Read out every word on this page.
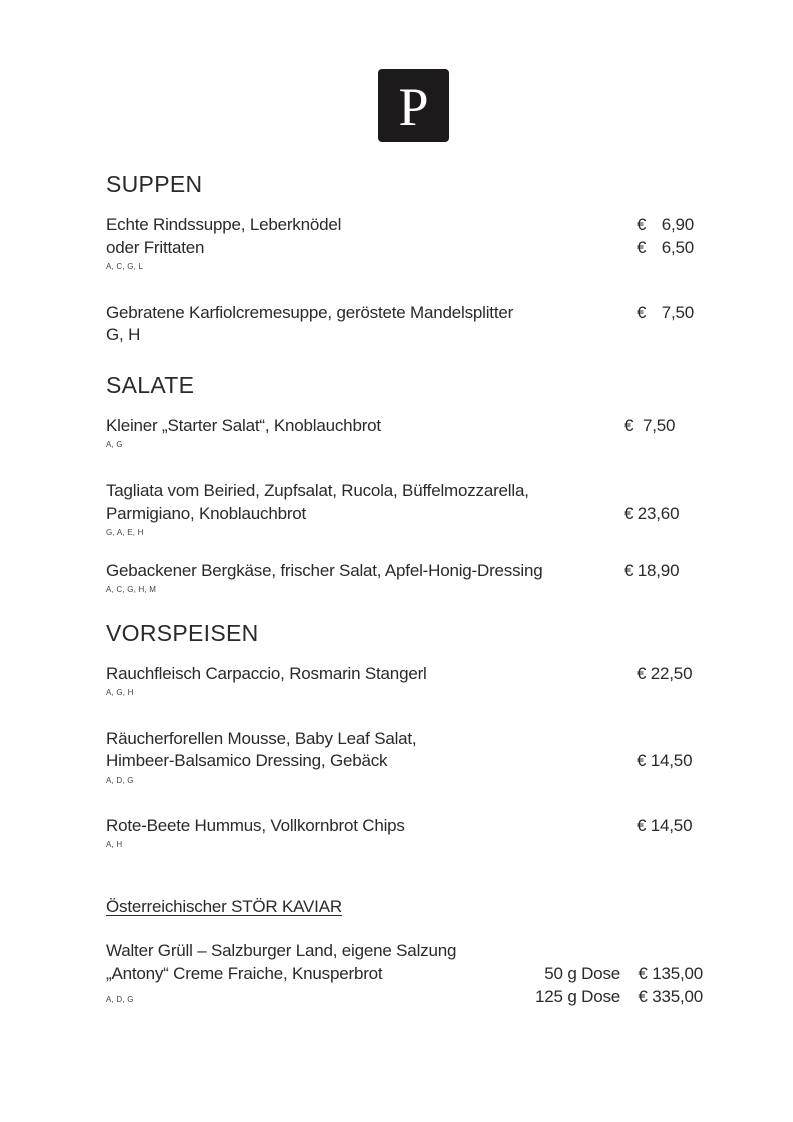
P
SUPPEN
Echte Rindssuppe, Leberknödel
oder Frittaten
A, C, G, L
€ 6,90
€ 6,50
Gebratene Karfiolcremesuppe, geröstete Mandelsplitter
G, H
€ 7,50
SALATE
Kleiner „Starter Salat“, Knoblauchbrot
A, G
€ 7,50
Tagliata vom Beiried, Zupfsalat, Rucola, Büffelmozzarella,
Parmigiano, Knoblauchbrot
G, A, E, H
€ 23,60
Gebackener Bergkäse, frischer Salat, Apfel-Honig-Dressing
A, C, G, H, M
€ 18,90
VORSPEISEN
Rauchfleisch Carpaccio, Rosmarin Stangerl
A, G, H
€ 22,50
Räucherforellen Mousse, Baby Leaf Salat,
Himbeer-Balsamico Dressing, Gebäck
A, D, G
€ 14,50
Rote-Beete Hummus, Vollkornbrot Chips
A, H
€ 14,50
Österreichischer STÖR KAVIAR
Walter Grüll – Salzburger Land, eigene Salzung
„Antony“ Creme Fraiche, Knusperbrot
A, D, G
50 g Dose
125 g Dose
€ 135,00
€ 335,00
